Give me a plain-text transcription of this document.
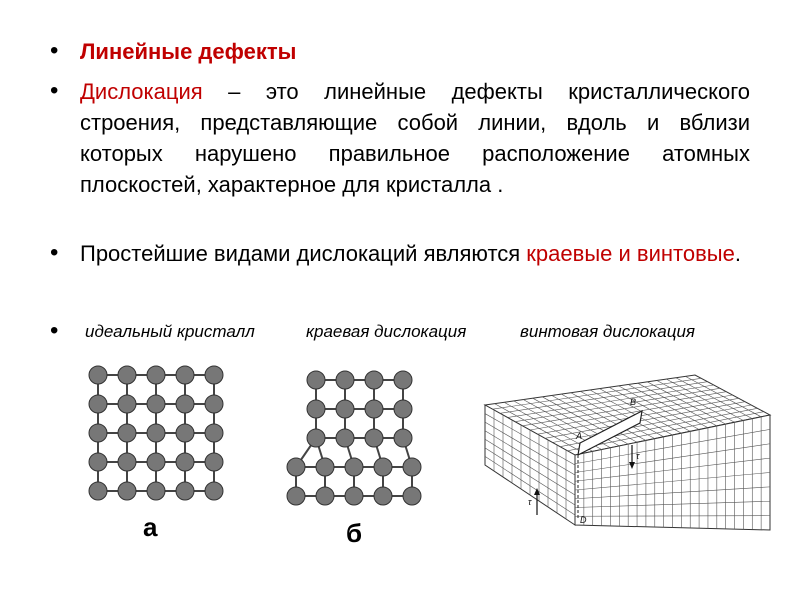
• Линейные дефекты
• Дислокация – это линейные дефекты кристаллического строения, представляющие собой линии, вдоль и вблизи которых нарушено правильное расположение атомных плоскостей, характерное для кристалла .
• Простейшие видами дислокаций являются краевые и винтовые.
• идеальный кристалл	краевая дислокация	винтовая дислокация
а	б
A
B
D
τ
τ
